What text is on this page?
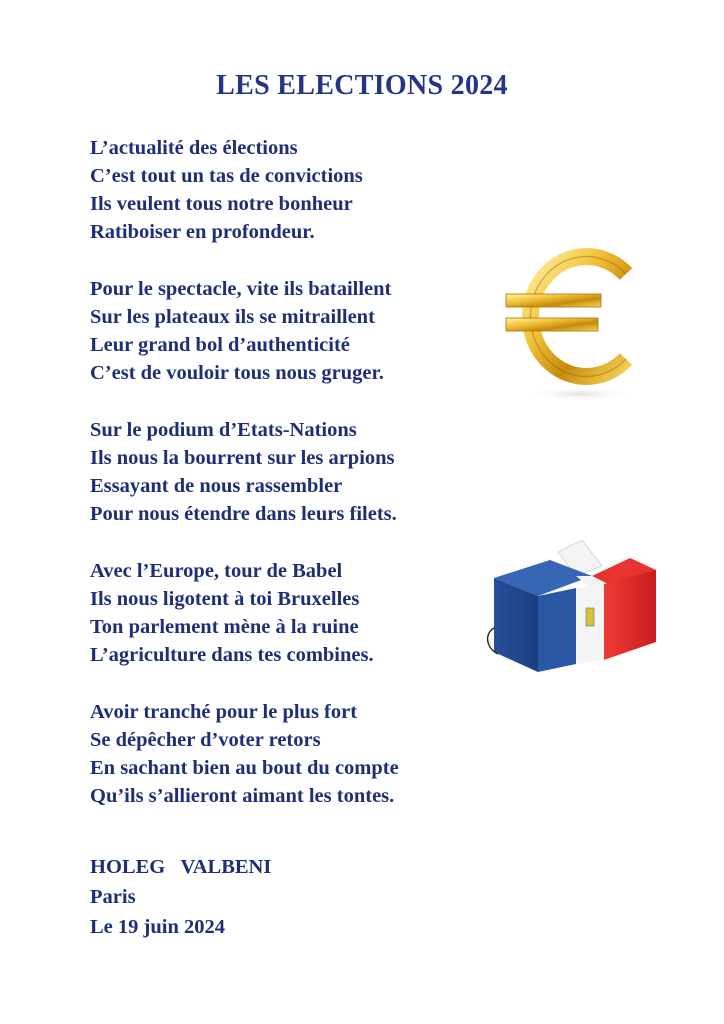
LES ELECTIONS 2024
L’actualité des élections
C’est tout un tas de convictions
Ils veulent tous notre bonheur
Ratiboiser en profondeur.
Pour le spectacle, vite ils bataillent
Sur les plateaux ils se mitraillent
Leur grand bol d’authenticité
C’est de vouloir tous nous gruger.
Sur le podium d’Etats-Nations
Ils nous la bourrent sur les arpions
Essayant de nous rassembler
Pour nous étendre dans leurs filets.
Avec l’Europe, tour de Babel
Ils nous ligotent à toi Bruxelles
Ton parlement mène à la ruine
L’agriculture dans tes combines.
Avoir tranché pour le plus fort
Se dépêcher d’voter retors
En sachant bien au bout du compte
Qu’ils s’allieront aimant les tontes.
HOLEG   VALBENI
Paris
Le 19 juin 2024
